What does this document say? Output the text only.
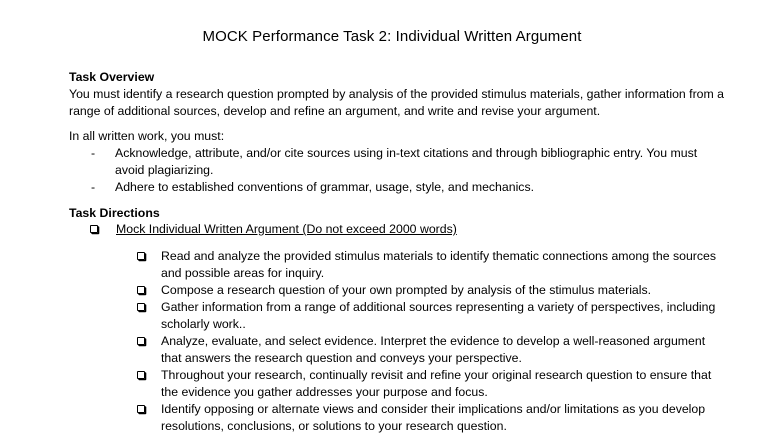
MOCK Performance Task 2: Individual Written Argument
Task Overview
You must identify a research question prompted by analysis of the provided stimulus materials, gather information from a range of additional sources, develop and refine an argument, and write and revise your argument.
In all written work, you must:
- Acknowledge, attribute, and/or cite sources using in-text citations and through bibliographic entry. You must avoid plagiarizing.
- Adhere to established conventions of grammar, usage, style, and mechanics.
Task Directions
Mock Individual Written Argument (Do not exceed 2000 words)
Read and analyze the provided stimulus materials to identify thematic connections among the sources and possible areas for inquiry.
Compose a research question of your own prompted by analysis of the stimulus materials.
Gather information from a range of additional sources representing a variety of perspectives, including scholarly work..
Analyze, evaluate, and select evidence. Interpret the evidence to develop a well-reasoned argument that answers the research question and conveys your perspective.
Throughout your research, continually revisit and refine your original research question to ensure that the evidence you gather addresses your purpose and focus.
Identify opposing or alternate views and consider their implications and/or limitations as you develop resolutions, conclusions, or solutions to your research question.
